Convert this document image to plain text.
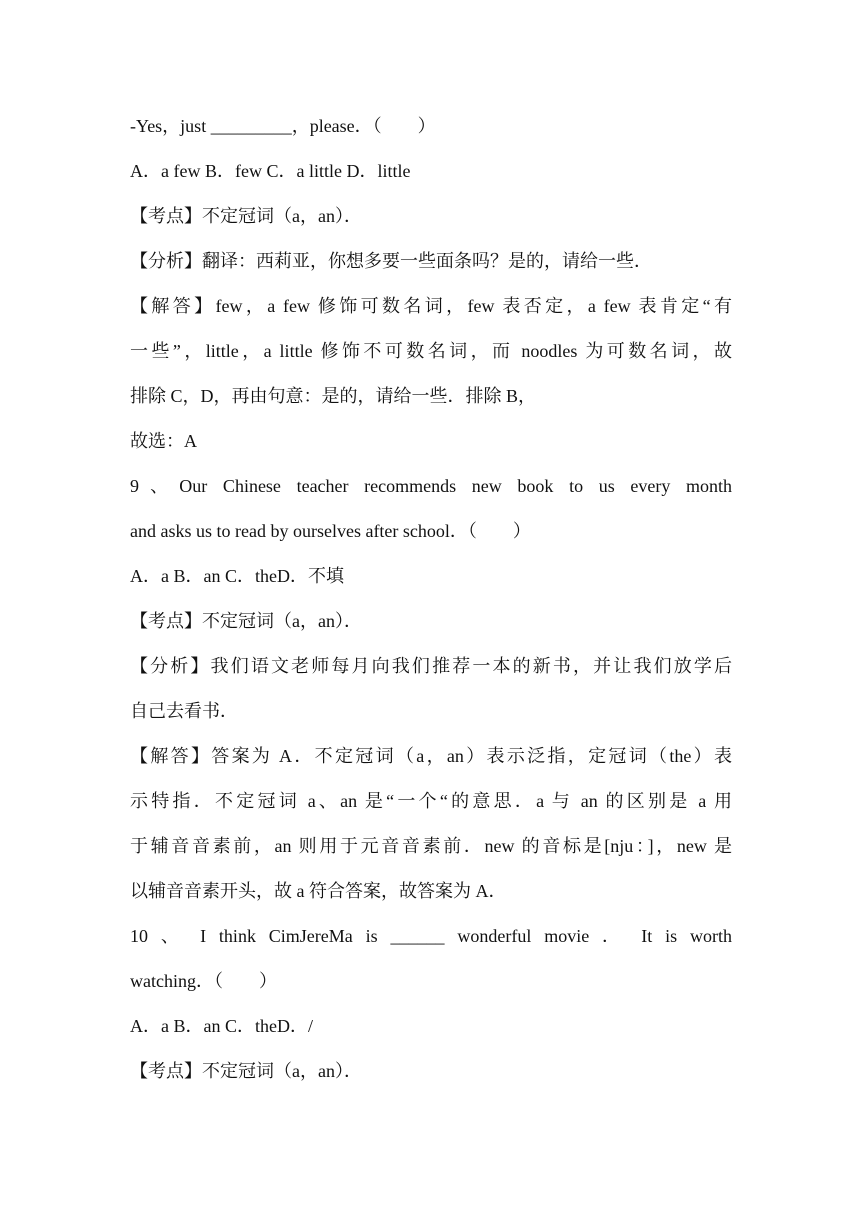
-Yes，just _________，please．（　　）
A．a few B．few C．a little D．little
【考点】不定冠词（a，an）．
【分析】翻译：西莉亚，你想多要一些面条吗？是的，请给一些．
【解答】few，a few 修饰可数名词，few 表否定，a few 表肯定“有
一些”，little，a little 修饰不可数名词，而 noodles 为可数名词，故
排除 C，D，再由句意：是的，请给一些．排除 B，
故选：A
9、Our Chinese teacher recommends new book to us every month
and asks us to read by ourselves after school．（　　）
A．a B．an C．theD．不填
【考点】不定冠词（a，an）．
【分析】我们语文老师每月向我们推荐一本的新书，并让我们放学后
自己去看书．
【解答】答案为 A．不定冠词（a，an）表示泛指，定冠词（the）表
示特指．不定冠词 a、an 是“一个“的意思．a 与 an 的区别是 a 用
于辅音音素前，an 则用于元音音素前．new 的音标是[nju：]，new 是
以辅音音素开头，故 a 符合答案，故答案为 A．
10 、 I think CimJereMa is ______ wonderful movie ． It is worth
watching．（　　）
A．a B．an C．theD．/
【考点】不定冠词（a，an）．
